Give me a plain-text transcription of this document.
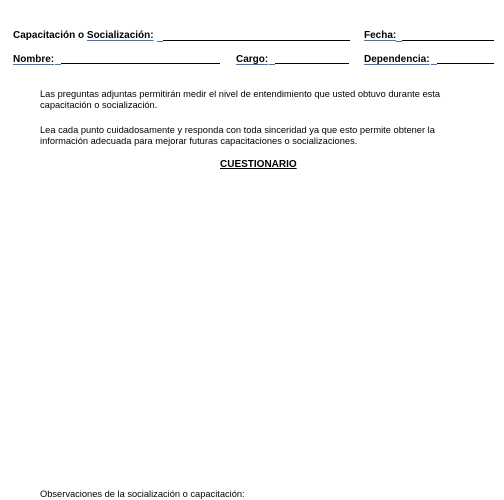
Capacitación o Socialización:	Fecha:
Nombre:	Cargo:	Dependencia:
Las preguntas adjuntas permitirán medir el nivel de entendimiento que usted obtuvo durante esta capacitación o socialización.
Lea cada punto cuidadosamente y responda con toda sinceridad ya que esto permite obtener la información adecuada para mejorar futuras capacitaciones o socializaciones.
CUESTIONARIO
Observaciones de la socialización o capacitación:
